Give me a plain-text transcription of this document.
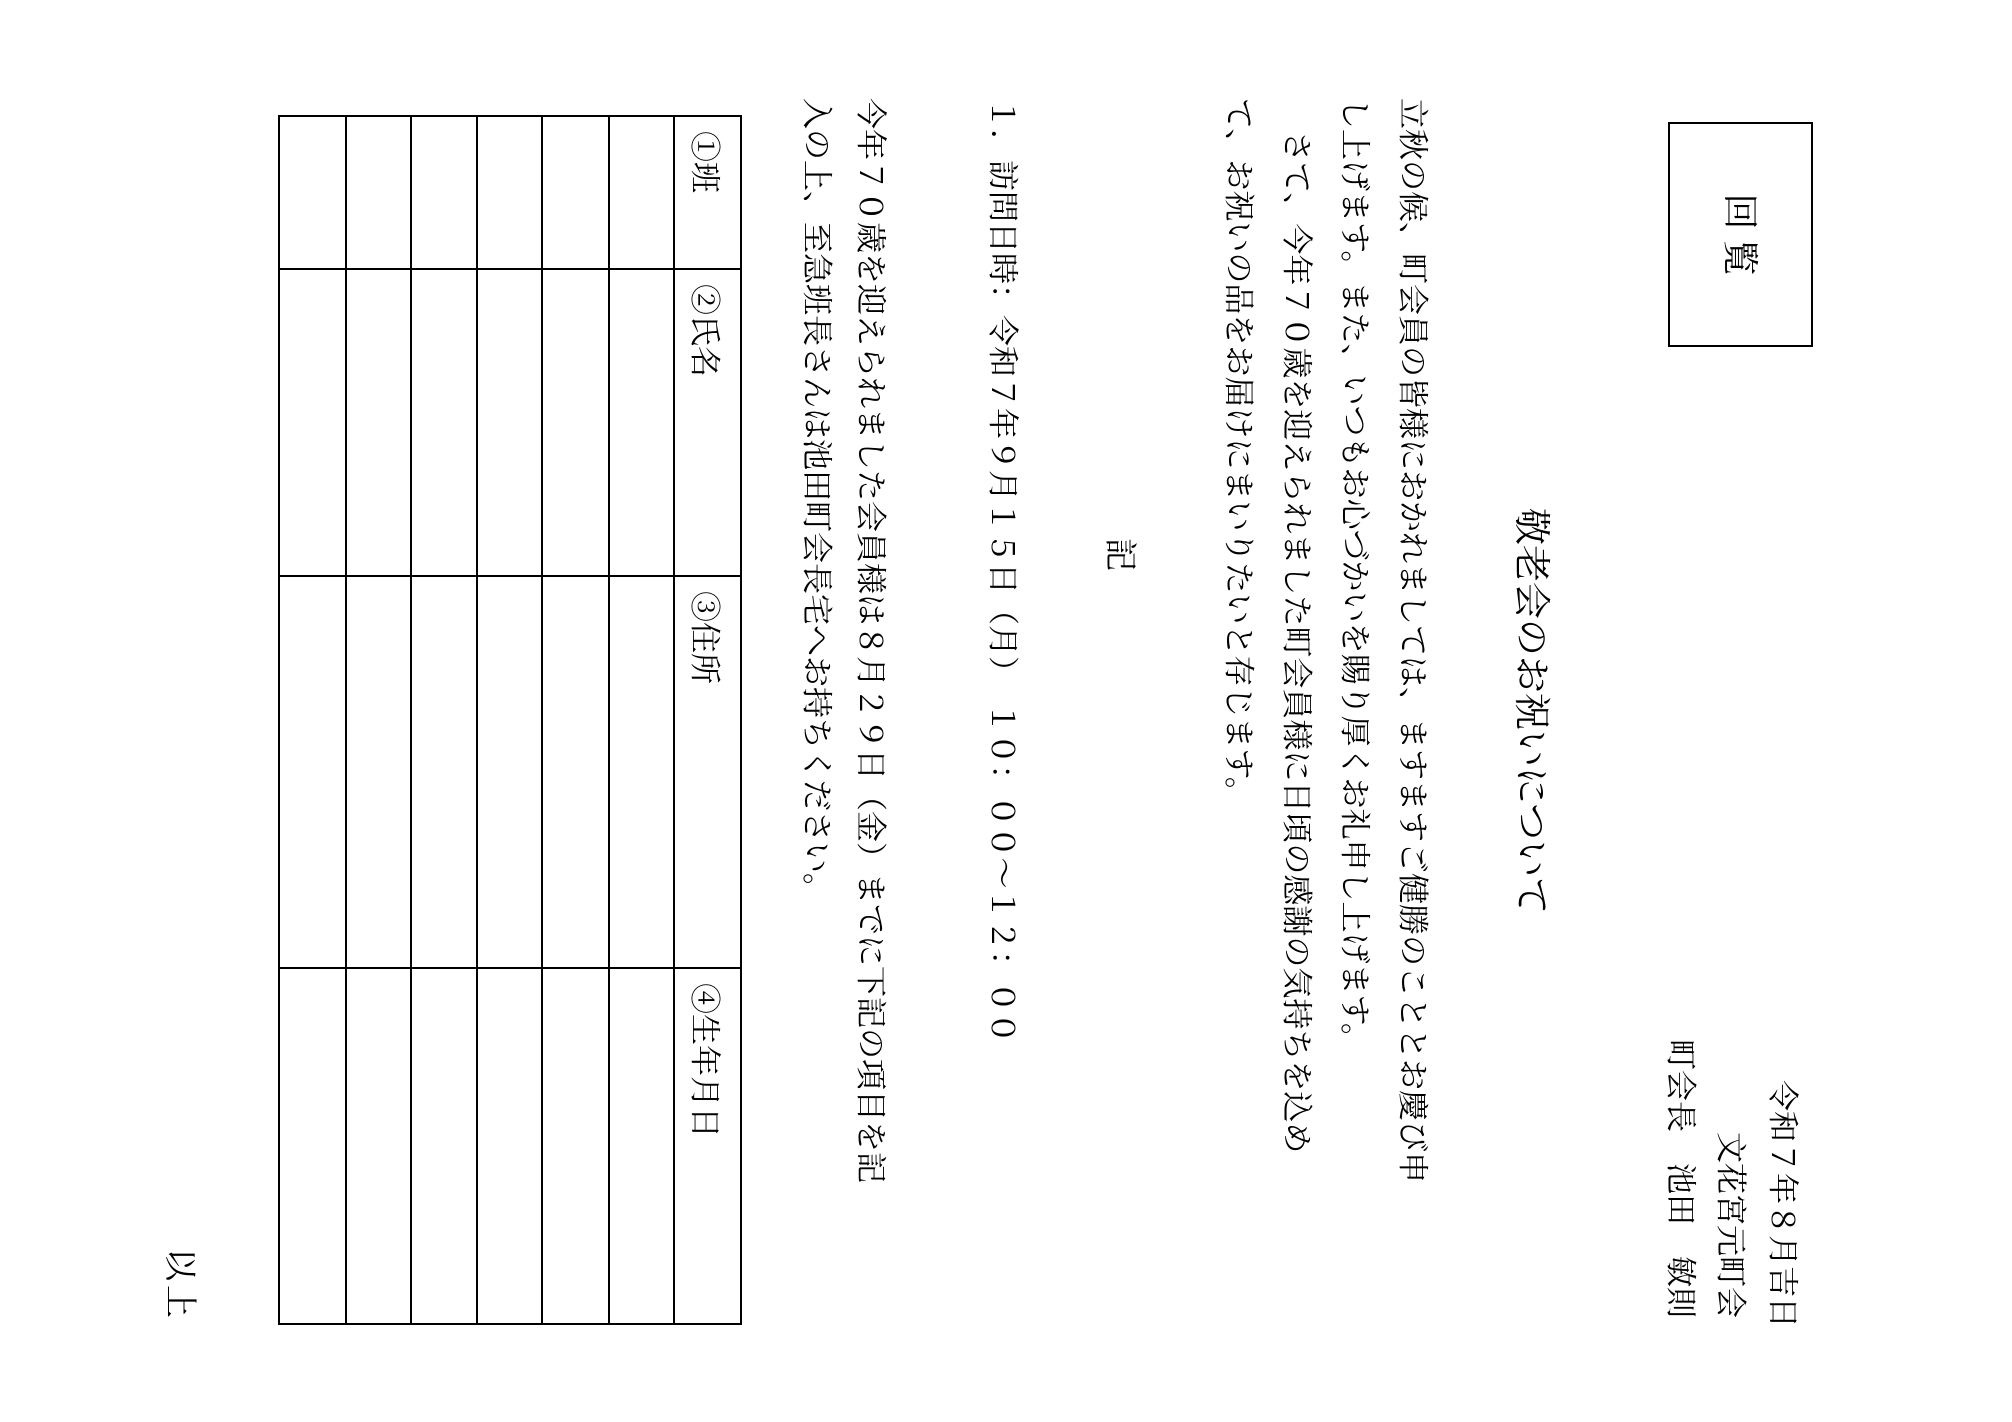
回覧
令和７年８月吉日
文花宮元町会
町会長　池田　敏則
敬老会のお祝いについて
立秋の候、町会員の皆様におかれましては、ますますご健勝のこととお慶び申
し上げます。また、いつもお心づかいを賜り厚くお礼申し上げます。
さて、今年７０歳を迎えられました町会員様に日頃の感謝の気持ちを込め
て、お祝いの品をお届けにまいりたいと存じます。
記
１．訪問日時：令和７年９月１５日（月）　１０：００～１２：００
今年７０歳を迎えられました会員様は８月２９日（金）までに下記の項目を記
入の上、至急班長さんは池田町会長宅へお持ちください。
①班	②氏名	③住所	④生年月日

以上
